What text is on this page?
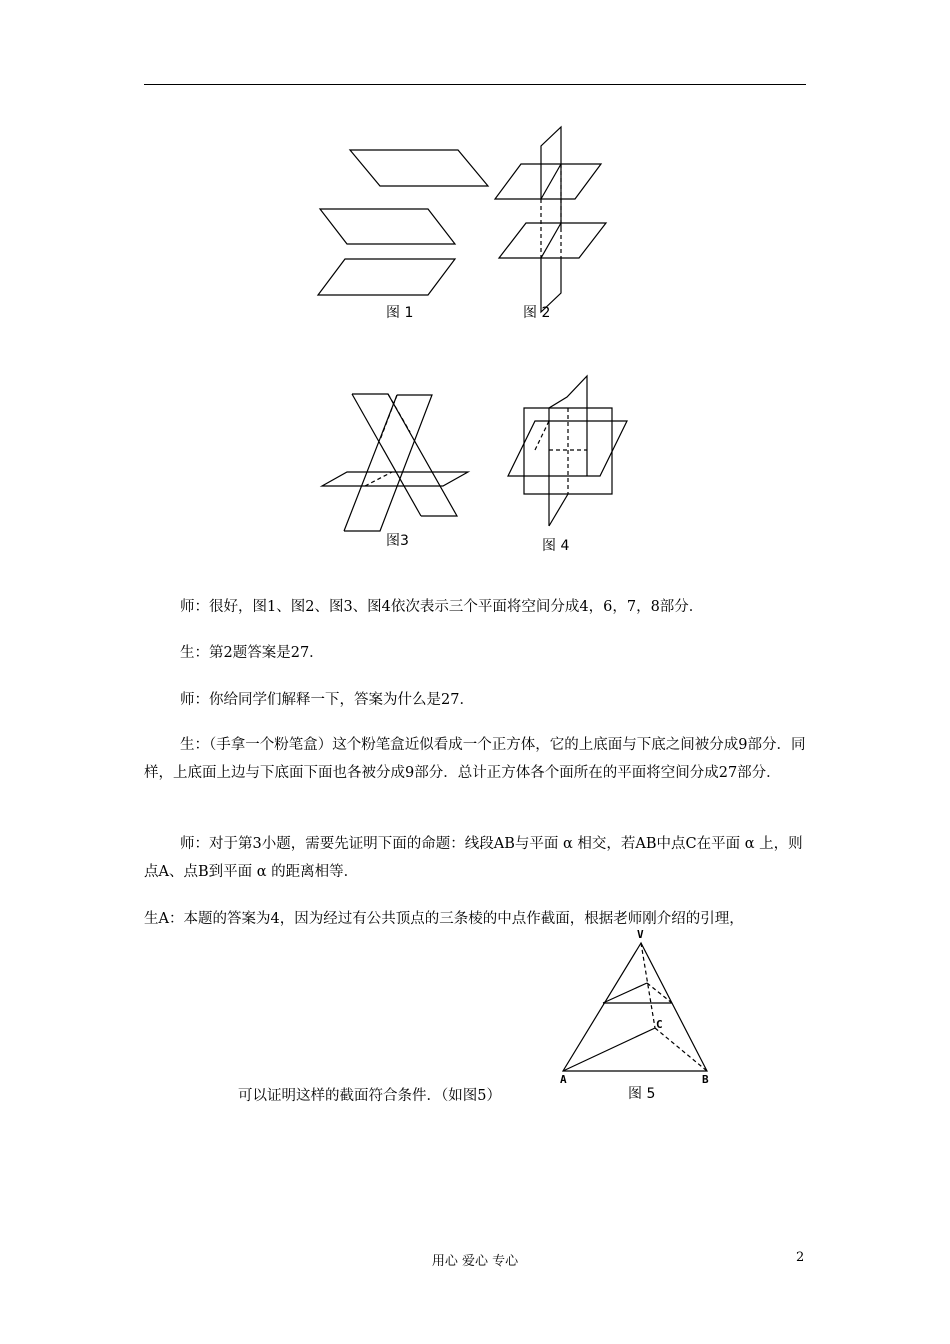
图 1	图 2
图3	图 4
图 5
V
C
A	B

师：很好，图1、图2、图3、图4依次表示三个平面将空间分成4，6，7，8部分．

生：第2题答案是27．

师：你给同学们解释一下，答案为什么是27．

生：（手拿一个粉笔盒）这个粉笔盒近似看成一个正方体，它的上底面与下底之间被分成9部分．同样，上底面上边与下底面下面也各被分成9部分．总计正方体各个面所在的平面将空间分成27部分．

师：对于第3小题，需要先证明下面的命题：线段AB与平面 α 相交，若AB中点C在平面 α 上，则点A、点B到平面 α 的距离相等．

生A：本题的答案为4，因为经过有公共顶点的三条棱的中点作截面，根据老师刚介绍的引理，

可以证明这样的截面符合条件．（如图5）

用心 爱心 专心	2
